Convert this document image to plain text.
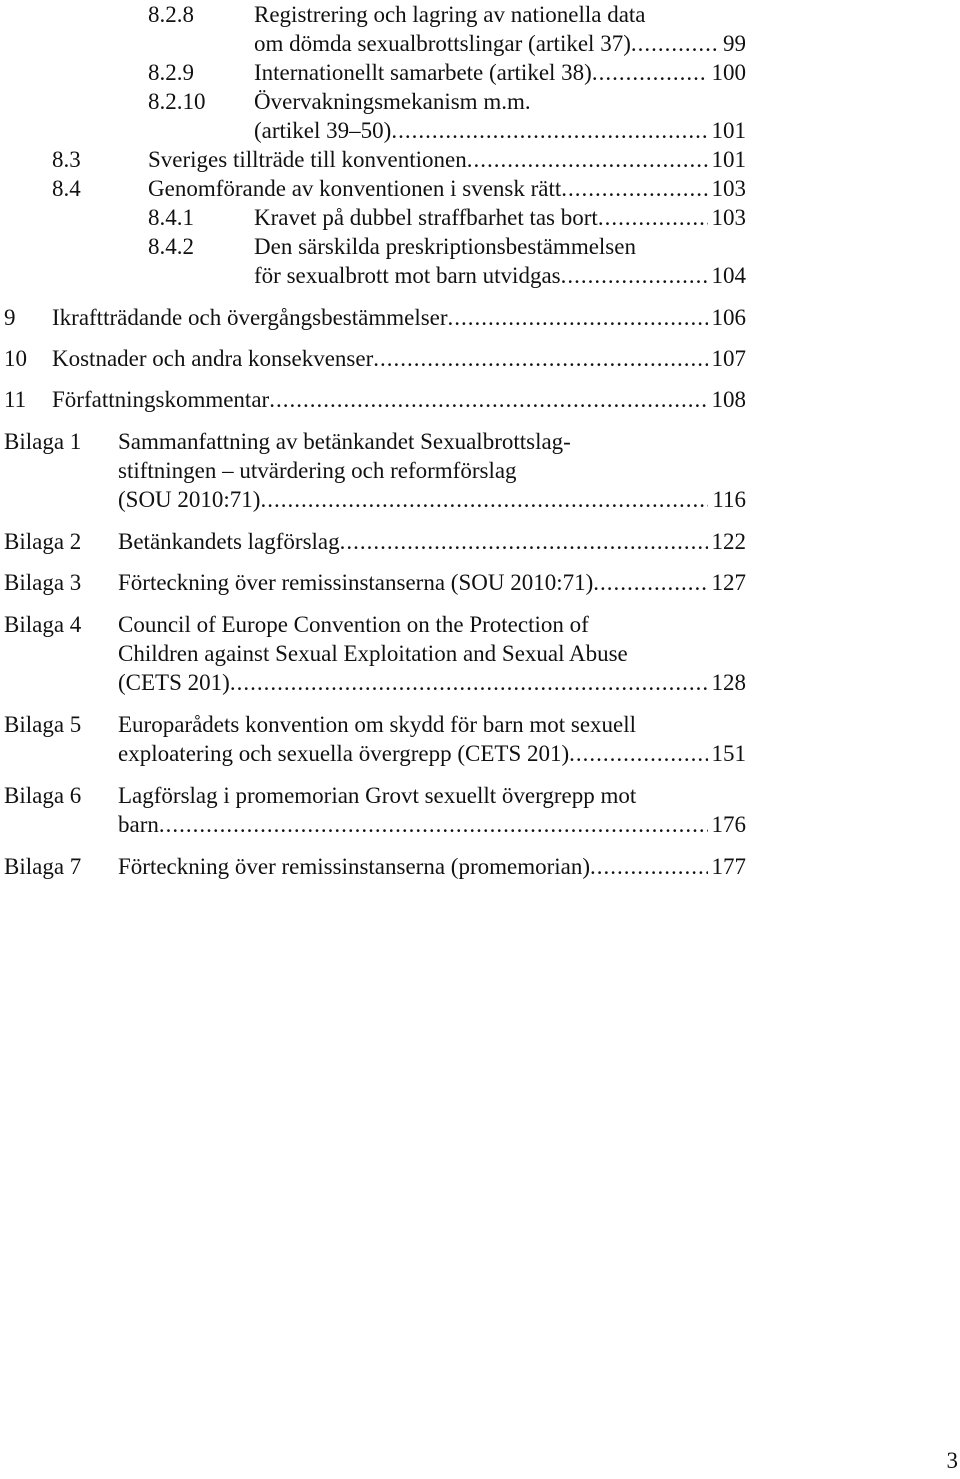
8.2.8	Registrering och lagring av nationella data
om dömda sexualbrottslingar (artikel 37) .....	99
8.2.9	Internationellt samarbete (artikel 38) .....	100
8.2.10 Övervakningsmekanism m.m.
(artikel 39–50) .....	101
8.3	Sveriges tillträde till konventionen .....	101
8.4	Genomförande av konventionen i svensk rätt .....	103
8.4.1	Kravet på dubbel straffbarhet tas bort .....	103
8.4.2	Den särskilda preskriptionsbestämmelsen
för sexualbrott mot barn utvidgas .....	104
9 Ikraftträdande och övergångsbestämmelser .....	106
10 Kostnader och andra konsekvenser .....	107
11 Författningskommentar .....	108
Bilaga 1 Sammanfattning av betänkandet Sexualbrottslag-
stiftningen – utvärdering och reformförslag
(SOU 2010:71) .....	116
Bilaga 2 Betänkandets lagförslag .....	122
Bilaga 3 Förteckning över remissinstanserna (SOU 2010:71) .....	127
Bilaga 4 Council of Europe Convention on the Protection of
Children against Sexual Exploitation and Sexual Abuse
(CETS 201) .....	128
Bilaga 5 Europarådets konvention om skydd för barn mot sexuell
exploatering och sexuella övergrepp (CETS 201) .....	151
Bilaga 6 Lagförslag i promemorian Grovt sexuellt övergrepp mot
barn .....	176
Bilaga 7 Förteckning över remissinstanserna (promemorian) .....	177
3
